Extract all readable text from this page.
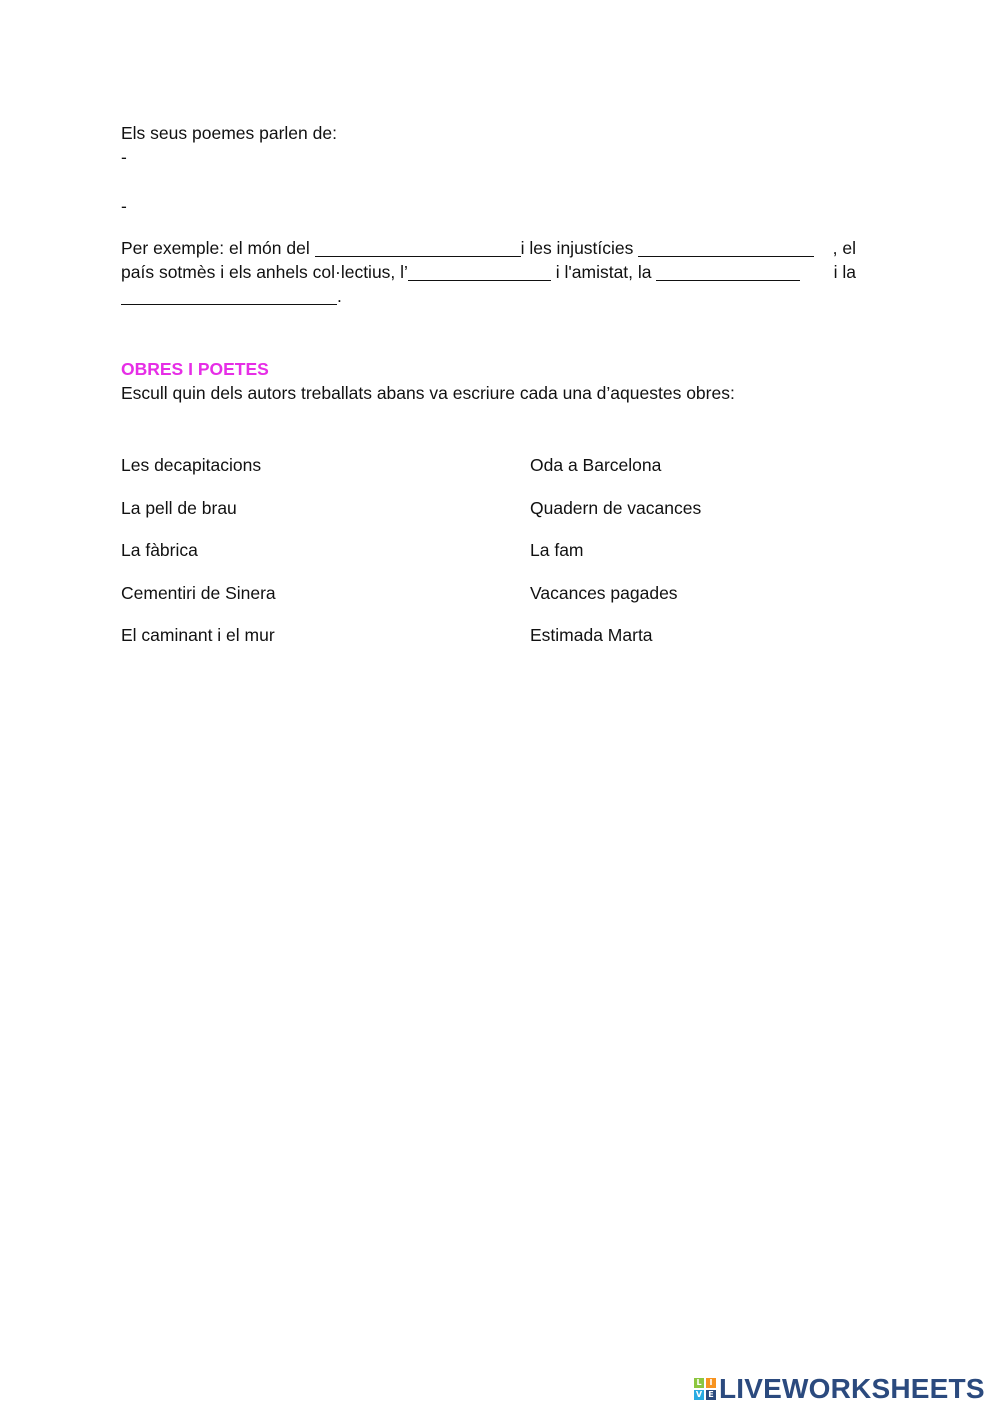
Els seus poemes parlen de:
-
-
Per exemple: el món del	i les injustícies	, el
país sotmès i els anhels col·lectius, l’	i l'amistat, la	i la
.
OBRES I POETES
Escull quin dels autors treballats abans va escriure cada una d’aquestes obres:
Les decapitacions	Oda a Barcelona
La pell de brau	Quadern de vacances
La fàbrica	La fam
Cementiri de Sinera	Vacances pagades
El caminant i el mur	Estimada Marta
L I
V E LIVEWORKSHEETS
